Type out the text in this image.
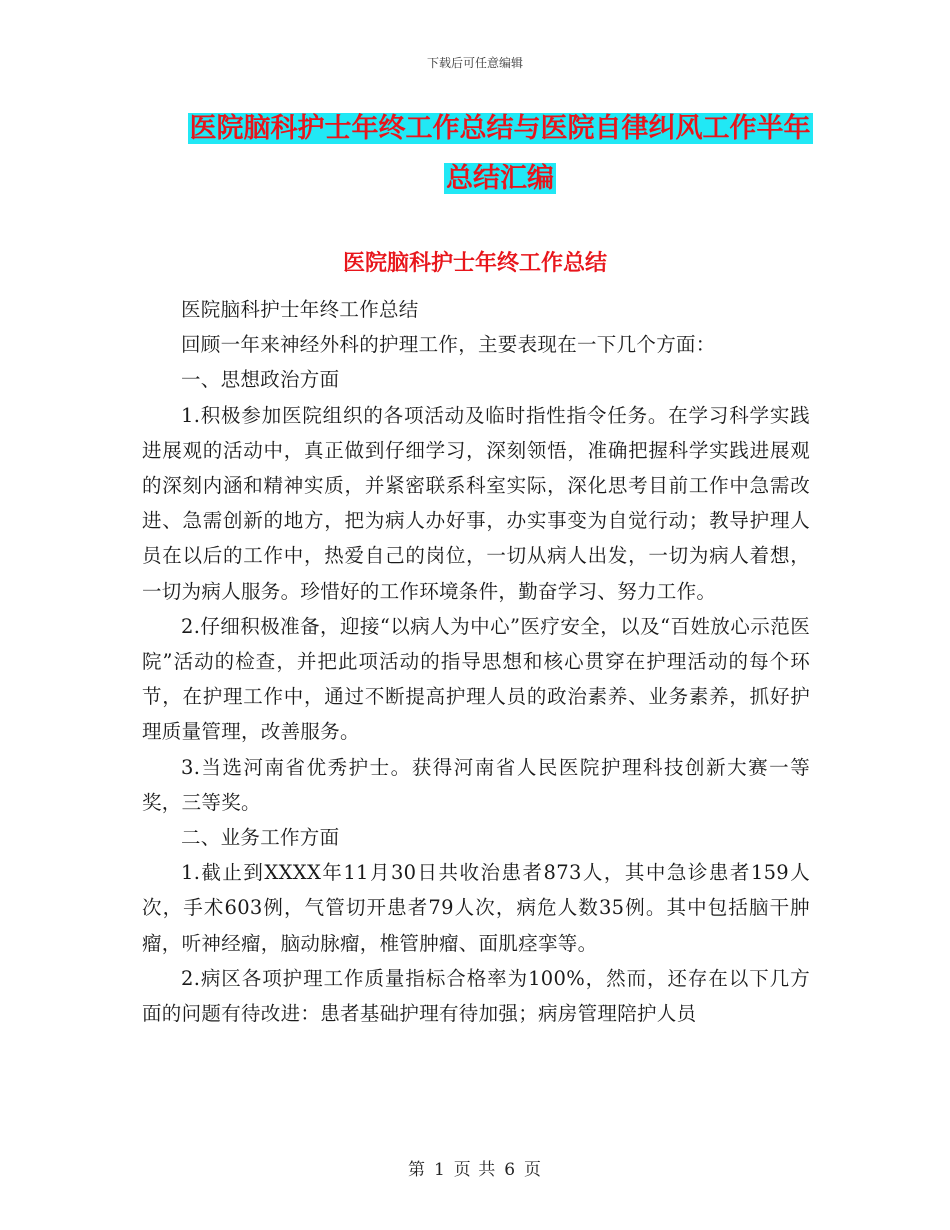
下载后可任意编辑
医院脑科护士年终工作总结与医院自律纠风工作半年
总结汇编
医院脑科护士年终工作总结

医院脑科护士年终工作总结

回顾一年来神经外科的护理工作，主要表现在一下几个方面：

一、思想政治方面

1.积极参加医院组织的各项活动及临时指性指令任务。在学习科学实践进展观的活动中，真正做到仔细学习，深刻领悟，准确把握科学实践进展观的深刻内涵和精神实质，并紧密联系科室实际，深化思考目前工作中急需改进、急需创新的地方，把为病人办好事，办实事变为自觉行动；教导护理人员在以后的工作中，热爱自己的岗位，一切从病人出发，一切为病人着想，一切为病人服务。珍惜好的工作环境条件，勤奋学习、努力工作。

2.仔细积极准备，迎接“以病人为中心”医疗安全，以及“百姓放心示范医院”活动的检查，并把此项活动的指导思想和核心贯穿在护理活动的每个环节，在护理工作中，通过不断提高护理人员的政治素养、业务素养，抓好护理质量管理，改善服务。

3.当选河南省优秀护士。获得河南省人民医院护理科技创新大赛一等奖，三等奖。

二、业务工作方面

1.截止到XXXX年11月30日共收治患者873人，其中急诊患者159人次，手术603例，气管切开患者79人次，病危人数35例。其中包括脑干肿瘤，听神经瘤，脑动脉瘤，椎管肿瘤、面肌痉挛等。

2.病区各项护理工作质量指标合格率为100%，然而，还存在以下几方面的问题有待改进：患者基础护理有待加强；病房管理陪护人员

第 1 页 共 6 页
